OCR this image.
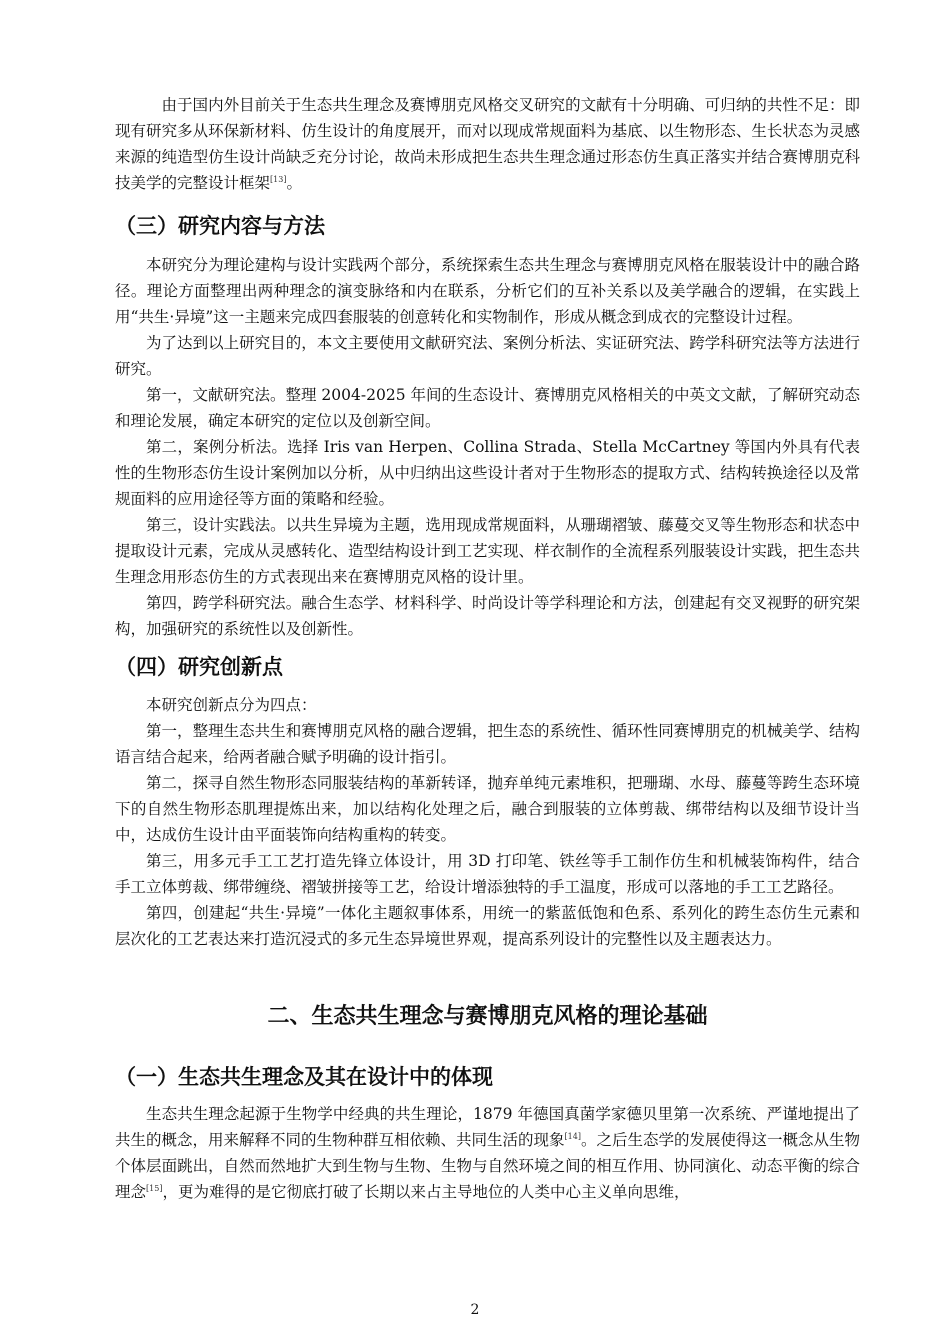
由于国内外目前关于生态共生理念及赛博朋克风格交叉研究的文献有十分明确、可归纳的共性不足：即现有研究多从环保新材料、仿生设计的角度展开，而对以现成常规面料为基底、以生物形态、生长状态为灵感来源的纯造型仿生设计尚缺乏充分讨论，故尚未形成把生态共生理念通过形态仿生真正落实并结合赛博朋克科技美学的完整设计框架[13]。

（三）研究内容与方法

本研究分为理论建构与设计实践两个部分，系统探索生态共生理念与赛博朋克风格在服装设计中的融合路径。理论方面整理出两种理念的演变脉络和内在联系，分析它们的互补关系以及美学融合的逻辑，在实践上用“共生·异境”这一主题来完成四套服装的创意转化和实物制作，形成从概念到成衣的完整设计过程。

为了达到以上研究目的，本文主要使用文献研究法、案例分析法、实证研究法、跨学科研究法等方法进行研究。

第一，文献研究法。整理 2004-2025 年间的生态设计、赛博朋克风格相关的中英文文献，了解研究动态和理论发展，确定本研究的定位以及创新空间。

第二，案例分析法。选择 Iris van Herpen、Collina Strada、Stella McCartney 等国内外具有代表性的生物形态仿生设计案例加以分析，从中归纳出这些设计者对于生物形态的提取方式、结构转换途径以及常规面料的应用途径等方面的策略和经验。

第三，设计实践法。以共生异境为主题，选用现成常规面料，从珊瑚褶皱、藤蔓交叉等生物形态和状态中提取设计元素，完成从灵感转化、造型结构设计到工艺实现、样衣制作的全流程系列服装设计实践，把生态共生理念用形态仿生的方式表现出来在赛博朋克风格的设计里。

第四，跨学科研究法。融合生态学、材料科学、时尚设计等学科理论和方法，创建起有交叉视野的研究架构，加强研究的系统性以及创新性。

（四）研究创新点

本研究创新点分为四点：

第一，整理生态共生和赛博朋克风格的融合逻辑，把生态的系统性、循环性同赛博朋克的机械美学、结构语言结合起来，给两者融合赋予明确的设计指引。

第二，探寻自然生物形态同服装结构的革新转译，抛弃单纯元素堆积，把珊瑚、水母、藤蔓等跨生态环境下的自然生物形态肌理提炼出来，加以结构化处理之后，融合到服装的立体剪裁、绑带结构以及细节设计当中，达成仿生设计由平面装饰向结构重构的转变。

第三，用多元手工工艺打造先锋立体设计，用 3D 打印笔、铁丝等手工制作仿生和机械装饰构件，结合手工立体剪裁、绑带缠绕、褶皱拼接等工艺，给设计增添独特的手工温度，形成可以落地的手工工艺路径。

第四，创建起“共生·异境”一体化主题叙事体系，用统一的紫蓝低饱和色系、系列化的跨生态仿生元素和层次化的工艺表达来打造沉浸式的多元生态异境世界观，提高系列设计的完整性以及主题表达力。

二、生态共生理念与赛博朋克风格的理论基础
（一）生态共生理念及其在设计中的体现

生态共生理念起源于生物学中经典的共生理论，1879 年德国真菌学家德贝里第一次系统、严谨地提出了共生的概念，用来解释不同的生物种群互相依赖、共同生活的现象[14]。之后生态学的发展使得这一概念从生物个体层面跳出，自然而然地扩大到生物与生物、生物与自然环境之间的相互作用、协同演化、动态平衡的综合理念[15]，更为难得的是它彻底打破了长期以来占主导地位的人类中心主义单向思维，

2
